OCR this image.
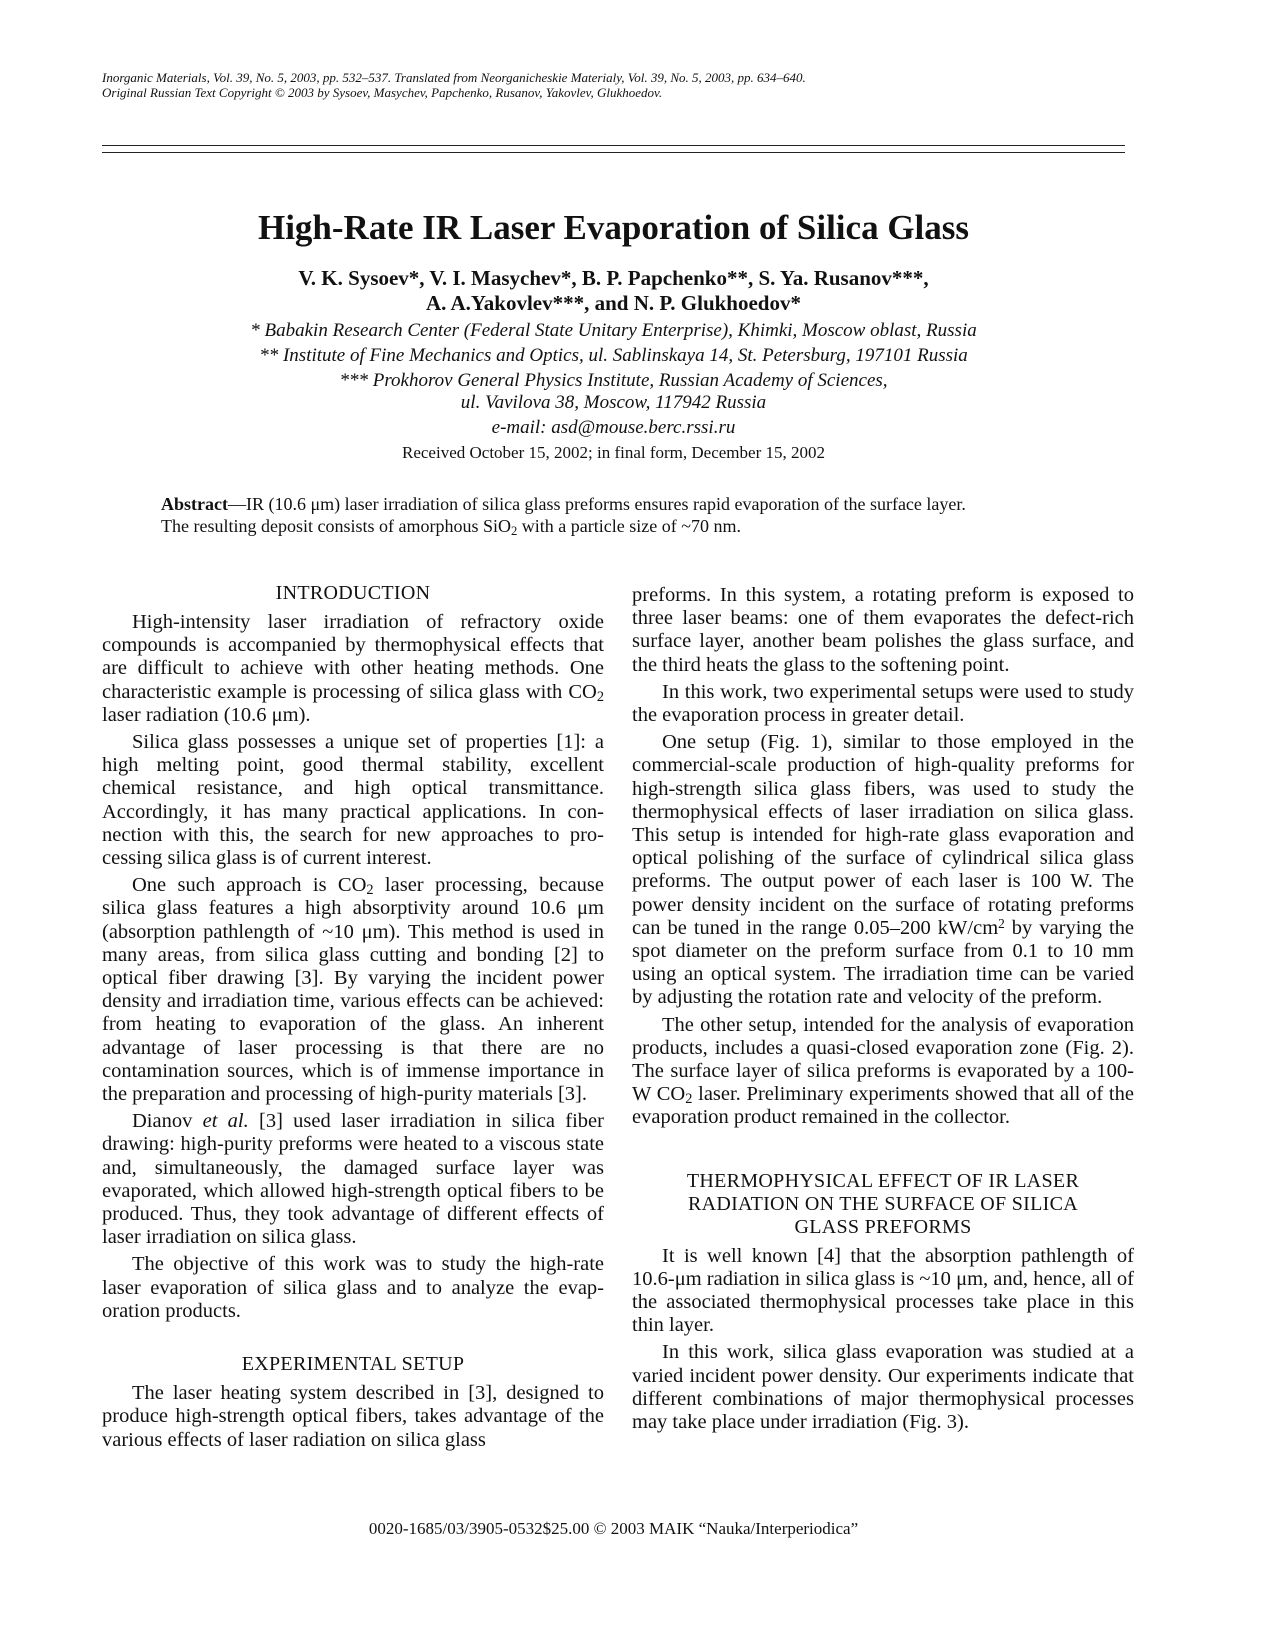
Inorganic Materials, Vol. 39, No. 5, 2003, pp. 532–537. Translated from Neorganicheskie Materialy, Vol. 39, No. 5, 2003, pp. 634–640.
Original Russian Text Copyright © 2003 by Sysoev, Masychev, Papchenko, Rusanov, Yakovlev, Glukhoedov.
High-Rate IR Laser Evaporation of Silica Glass
V. K. Sysoev*, V. I. Masychev*, B. P. Papchenko**, S. Ya. Rusanov***,
A. A.Yakovlev***, and N. P. Glukhoedov*
* Babakin Research Center (Federal State Unitary Enterprise), Khimki, Moscow oblast, Russia
** Institute of Fine Mechanics and Optics, ul. Sablinskaya 14, St. Petersburg, 197101 Russia
*** Prokhorov General Physics Institute, Russian Academy of Sciences,
ul. Vavilova 38, Moscow, 117942 Russia
e-mail: asd@mouse.berc.rssi.ru
Received October 15, 2002; in final form, December 15, 2002
Abstract—IR (10.6 μm) laser irradiation of silica glass preforms ensures rapid evaporation of the surface layer.
The resulting deposit consists of amorphous SiO$_2$ with a particle size of ~70 nm.
INTRODUCTION

High-intensity laser irradiation of refractory oxide compounds is accompanied by thermophysical effects that are difficult to achieve with other heating methods. One characteristic example is processing of silica glass with $CO_2$ laser radiation (10.6 μm).

Silica glass possesses a unique set of properties [1]: a high melting point, good thermal stability, excellent chemical resistance, and high optical transmittance. Accordingly, it has many practical applications. In connection with this, the search for new approaches to processing silica glass is of current interest.

One such approach is $CO_2$ laser processing, because silica glass features a high absorptivity around 10.6 μm (absorption pathlength of ~10 μm). This method is used in many areas, from silica glass cutting and bonding [2] to optical fiber drawing [3]. By varying the incident power density and irradiation time, various effects can be achieved: from heating to evaporation of the glass. An inherent advantage of laser processing is that there are no contamination sources, which is of immense importance in the preparation and processing of high-purity materials [3].

Dianov et al. [3] used laser irradiation in silica fiber drawing: high-purity preforms were heated to a viscous state and, simultaneously, the damaged surface layer was evaporated, which allowed high-strength optical fibers to be produced. Thus, they took advantage of different effects of laser irradiation on silica glass.

The objective of this work was to study the high-rate laser evaporation of silica glass and to analyze the evaporation products.

EXPERIMENTAL SETUP

The laser heating system described in [3], designed to produce high-strength optical fibers, takes advantage of the various effects of laser radiation on silica glass

preforms. In this system, a rotating preform is exposed to three laser beams: one of them evaporates the defect-rich surface layer, another beam polishes the glass surface, and the third heats the glass to the softening point.

In this work, two experimental setups were used to study the evaporation process in greater detail.

One setup (Fig. 1), similar to those employed in the commercial-scale production of high-quality preforms for high-strength silica glass fibers, was used to study the thermophysical effects of laser irradiation on silica glass. This setup is intended for high-rate glass evaporation and optical polishing of the surface of cylindrical silica glass preforms. The output power of each laser is 100 W. The power density incident on the surface of rotating preforms can be tuned in the range 0.05–200 $kW/cm^2$ by varying the spot diameter on the preform surface from 0.1 to 10 mm using an optical system. The irradiation time can be varied by adjusting the rotation rate and velocity of the preform.

The other setup, intended for the analysis of evaporation products, includes a quasi-closed evaporation zone (Fig. 2). The surface layer of silica preforms is evaporated by a 100-W $CO_2$ laser. Preliminary experiments showed that all of the evaporation product remained in the collector.

THERMOPHYSICAL EFFECT OF IR LASER
RADIATION ON THE SURFACE OF SILICA
GLASS PREFORMS

It is well known [4] that the absorption pathlength of 10.6-μm radiation in silica glass is ~10 μm, and, hence, all of the associated thermophysical processes take place in this thin layer.

In this work, silica glass evaporation was studied at a varied incident power density. Our experiments indicate that different combinations of major thermophysical processes may take place under irradiation (Fig. 3).

0020-1685/03/3905-0532$25.00 © 2003 MAIK “Nauka/Interperiodica”
